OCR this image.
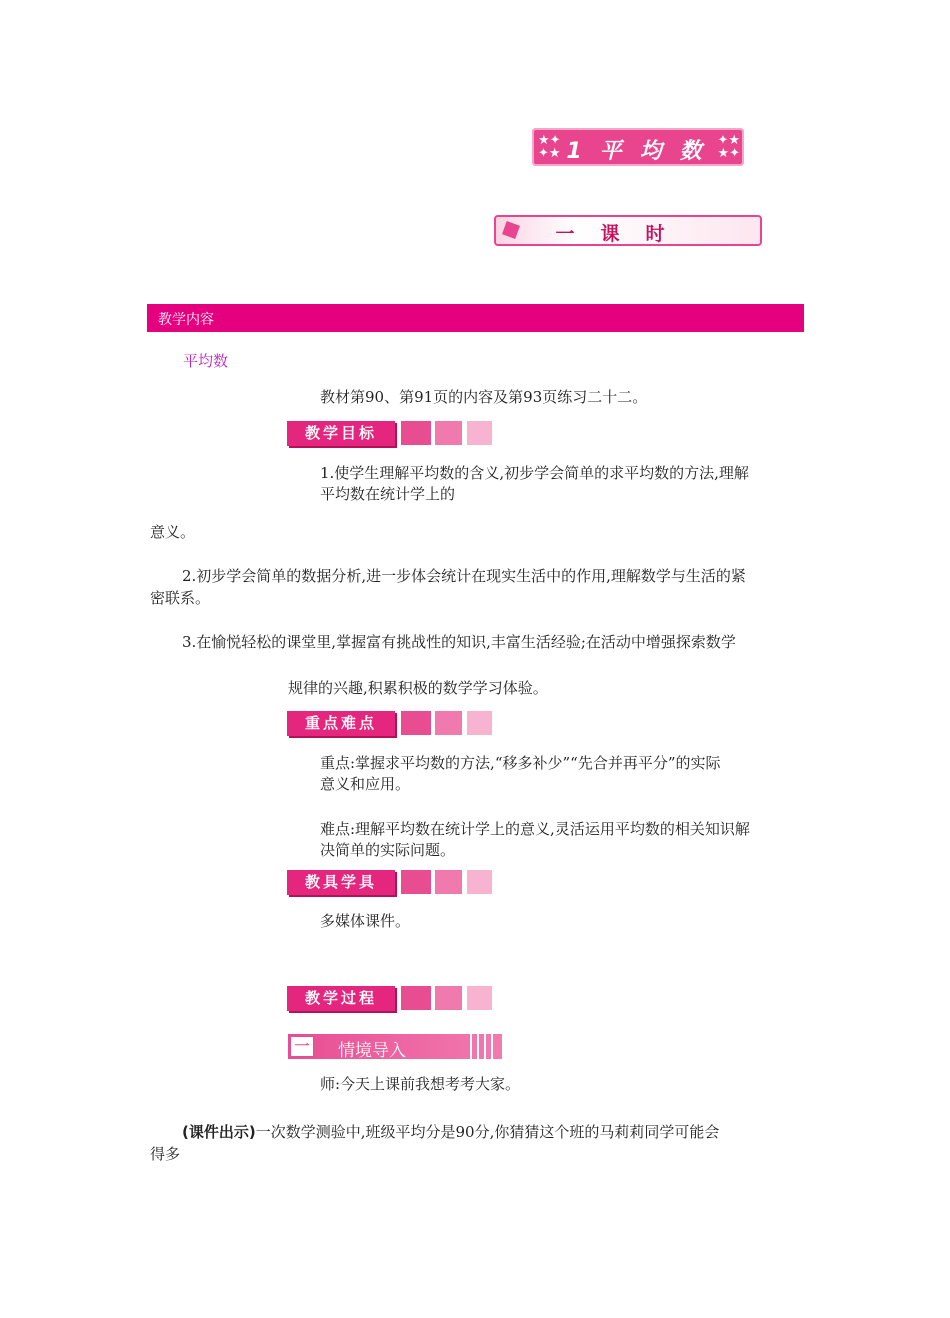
★✦
✦★ 1平均数
✦★
★✦
一课时
教学内容
平均数
教材第90、第91页的内容及第93页练习二十二。
教学目标
1.使学生理解平均数的含义,初步学会简单的求平均数的方法,理解
平均数在统计学上的
意义。
2.初步学会简单的数据分析,进一步体会统计在现实生活中的作用,理解数学与生活的紧
密联系。
3.在愉悦轻松的课堂里,掌握富有挑战性的知识,丰富生活经验;在活动中增强探索数学
规律的兴趣,积累积极的数学学习体验。
重点难点
重点:掌握求平均数的方法,“移多补少”“先合并再平分”的实际
意义和应用。
难点:理解平均数在统计学上的意义,灵活运用平均数的相关知识解
决简单的实际问题。
教具学具
多媒体课件。
教学过程
一 情境导入
师:今天上课前我想考考大家。
(课件出示)一次数学测验中,班级平均分是90分,你猜猜这个班的马莉莉同学可能会
得多
